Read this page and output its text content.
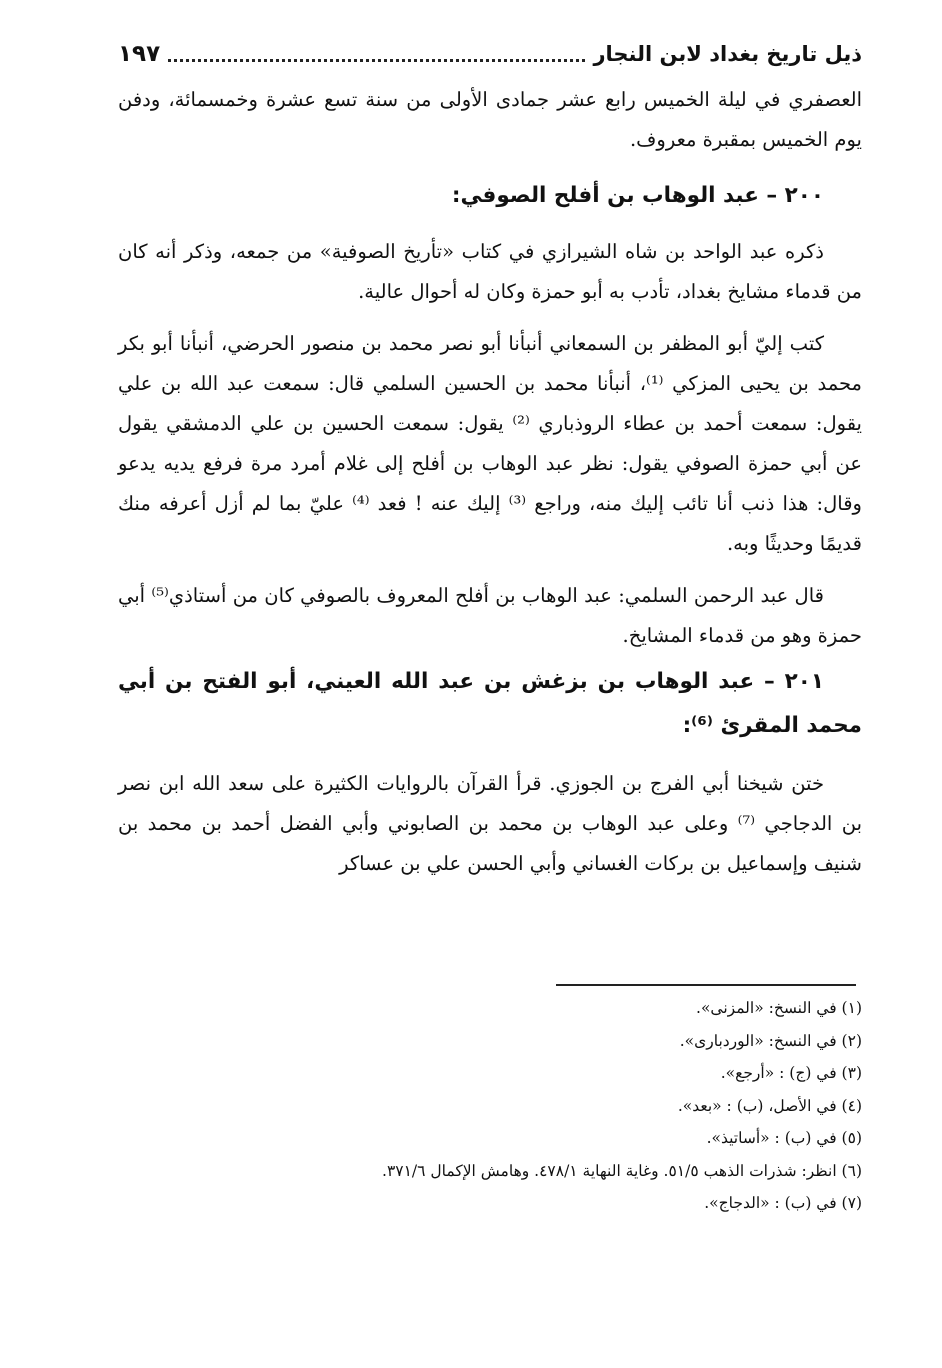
ذيل تاريخ بغداد لابن النجار
١٩٧

العصفري في ليلة الخميس رابع عشر جمادى الأولى من سنة تسع عشرة وخمسمائة، ودفن يوم الخميس بمقبرة معروف.

٢٠٠ – عبد الوهاب بن أفلح الصوفي:

ذكره عبد الواحد بن شاه الشيرازي في كتاب «تأريخ الصوفية» من جمعه، وذكر أنه كان من قدماء مشايخ بغداد، تأدب به أبو حمزة وكان له أحوال عالية.

كتب إليّ أبو المظفر بن السمعاني أنبأنا أبو نصر محمد بن منصور الحرضي، أنبأنا أبو بكر محمد بن يحيى المزكي ⁽¹⁾، أنبأنا محمد بن الحسين السلمي قال: سمعت عبد الله بن علي يقول: سمعت أحمد بن عطاء الروذباري ⁽²⁾ يقول: سمعت الحسين بن علي الدمشقي يقول عن أبي حمزة الصوفي يقول: نظر عبد الوهاب بن أفلح إلى غلام أمرد مرة فرفع يديه يدعو وقال: هذا ذنب أنا تائب إليك منه، وراجع ⁽³⁾ إليك عنه ! فعد ⁽⁴⁾ عليّ بما لم أزل أعرفه منك قديمًا وحديثًا وبه.

قال عبد الرحمن السلمي: عبد الوهاب بن أفلح المعروف بالصوفي كان من أستاذي⁽⁵⁾ أبي حمزة وهو من قدماء المشايخ.

٢٠١ – عبد الوهاب بن بزغش بن عبد الله العيني، أبو الفتح بن أبي محمد المقرئ ⁽⁶⁾:

ختن شيخنا أبي الفرج بن الجوزي. قرأ القرآن بالروايات الكثيرة على سعد الله ابن نصر بن الدجاجي ⁽⁷⁾ وعلى عبد الوهاب بن محمد بن الصابوني وأبي الفضل أحمد بن محمد بن شنيف وإسماعيل بن بركات الغساني وأبي الحسن علي بن عساكر

(١) في النسخ: «المزنى».
(٢) في النسخ: «الوردبارى».
(٣) في (ج) : «أرجع».
(٤) في الأصل، (ب) : «بعد».
(٥) في (ب) : «أساتيذ».
(٦) انظر: شذرات الذهب ٥١/٥. وغاية النهاية ٤٧٨/١. وهامش الإكمال ٣٧١/٦.
(٧) في (ب) : «الدجاج».
